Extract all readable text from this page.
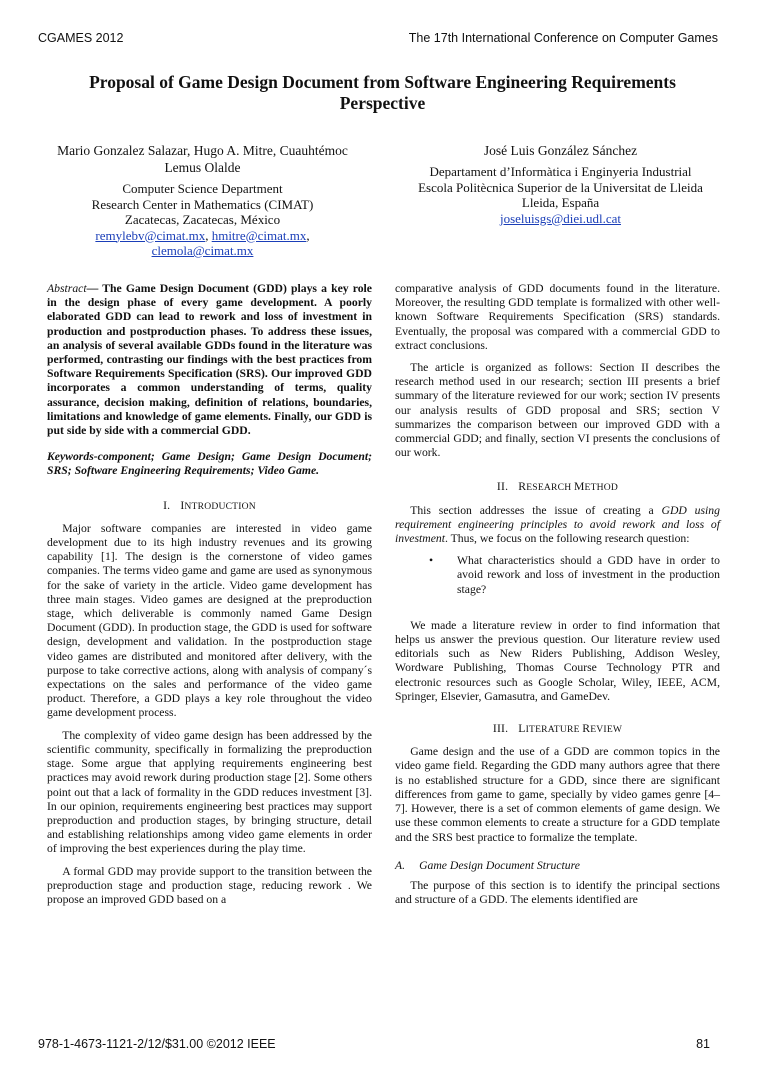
CGAMES 2012	The 17th International Conference on Computer Games
Proposal of Game Design Document from Software Engineering Requirements
Perspective
Mario Gonzalez Salazar, Hugo A. Mitre, Cuauhtémoc
Lemus Olalde
Computer Science Department
Research Center in Mathematics (CIMAT)
Zacatecas, Zacatecas, México
remylebv@cimat.mx, hmitre@cimat.mx,
clemola@cimat.mx
José Luis González Sánchez
Departament d’Informàtica i Enginyeria Industrial
Escola Politècnica Superior de la Universitat de Lleida
Lleida, España
joseluisgs@diei.udl.cat

Abstract— The Game Design Document (GDD) plays a key role in the design phase of every game development. A poorly elaborated GDD can lead to rework and loss of investment in production and postproduction phases. To address these issues, an analysis of several available GDDs found in the literature was performed, contrasting our findings with the best practices from Software Requirements Specification (SRS). Our improved GDD incorporates a common understanding of terms, quality assurance, decision making, definition of relations, boundaries, limitations and knowledge of game elements. Finally, our GDD is put side by side with a commercial GDD.

Keywords-component; Game Design; Game Design Document; SRS; Software Engineering Requirements; Video Game.

I. INTRODUCTION

Major software companies are interested in video game development due to its high industry revenues and its growing capability [1]. The design is the cornerstone of video games companies. The terms video game and game are used as synonymous for the sake of variety in the article. Video game development has three main stages. Video games are designed at the preproduction stage, which deliverable is commonly named Game Design Document (GDD). In production stage, the GDD is used for software design, development and validation. In the postproduction stage video games are distributed and monitored after delivery, with the purpose to take corrective actions, along with analysis of company´s expectations on the sales and performance of the video game product. Therefore, a GDD plays a key role throughout the video game development process.

The complexity of video game design has been addressed by the scientific community, specifically in formalizing the preproduction stage. Some argue that applying requirements engineering best practices may avoid rework during production stage [2]. Some others point out that a lack of formality in the GDD reduces investment [3]. In our opinion, requirements engineering best practices may support preproduction and production stages, by bringing structure, detail and establishing relationships among video game elements in order of improving the best experiences during the play time.

A formal GDD may provide support to the transition between the preproduction stage and production stage, reducing rework . We propose an improved GDD based on a

comparative analysis of GDD documents found in the literature. Moreover, the resulting GDD template is formalized with other well-known Software Requirements Specification (SRS) standards. Eventually, the proposal was compared with a commercial GDD to extract conclusions.

The article is organized as follows: Section II describes the research method used in our research; section III presents a brief summary of the literature reviewed for our work; section IV presents our analysis results of GDD proposal and SRS; section V summarizes the comparison between our improved GDD with a commercial GDD; and finally, section VI presents the conclusions of our work.

II. RESEARCH METHOD

This section addresses the issue of creating a GDD using requirement engineering principles to avoid rework and loss of investment. Thus, we focus on the following research question:

• What characteristics should a GDD have in order to avoid rework and loss of investment in the production stage?

We made a literature review in order to find information that helps us answer the previous question. Our literature review used editorials such as New Riders Publishing, Addison Wesley, Wordware Publishing, Thomas Course Technology PTR and electronic resources such as Google Scholar, Wiley, IEEE, ACM, Springer, Elsevier, Gamasutra, and GameDev.

III. LITERATURE REVIEW

Game design and the use of a GDD are common topics in the video game field. Regarding the GDD many authors agree that there is no established structure for a GDD, since there are significant differences from game to game, specially by video games genre [4–7]. However, there is a set of common elements of game design. We use these common elements to create a structure for a GDD template and the SRS best practice to formalize the template.

A. Game Design Document Structure

The purpose of this section is to identify the principal sections and structure of a GDD. The elements identified are

978-1-4673-1121-2/12/$31.00 ©2012 IEEE	81
